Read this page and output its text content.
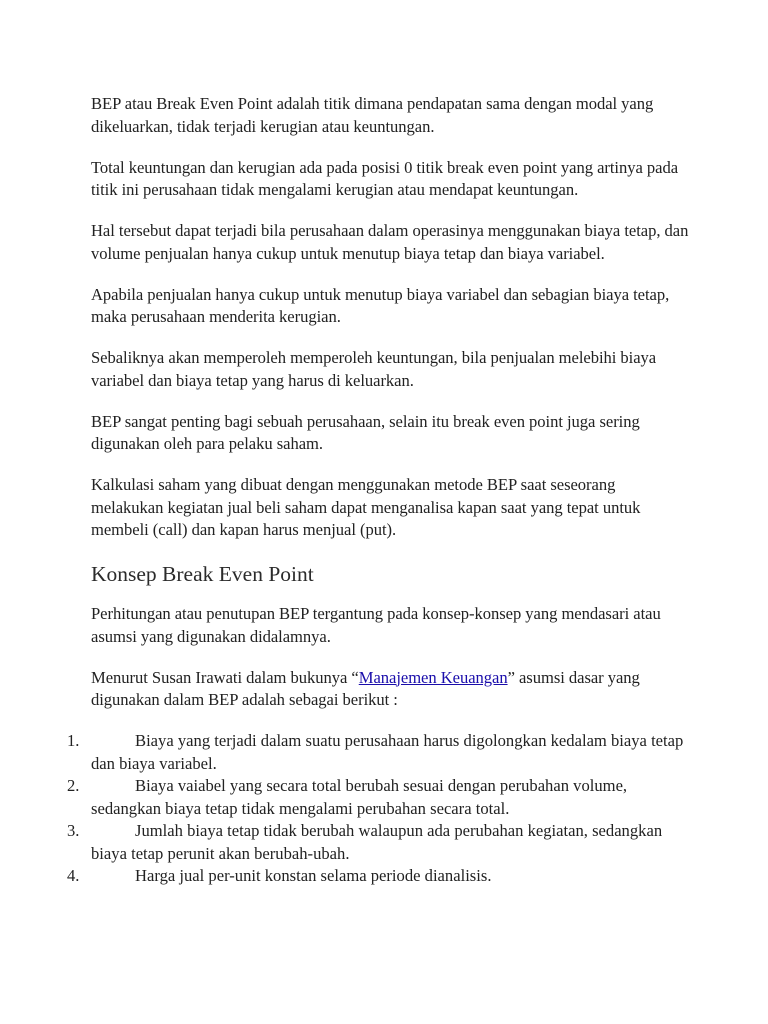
BEP atau Break Even Point adalah titik dimana pendapatan sama dengan modal yang dikeluarkan, tidak terjadi kerugian atau keuntungan.

Total keuntungan dan kerugian ada pada posisi 0 titik break even point yang artinya pada titik ini perusahaan tidak mengalami kerugian atau mendapat keuntungan.

Hal tersebut dapat terjadi bila perusahaan dalam operasinya menggunakan biaya tetap, dan volume penjualan hanya cukup untuk menutup biaya tetap dan biaya variabel.

Apabila penjualan hanya cukup untuk menutup biaya variabel dan sebagian biaya tetap, maka perusahaan menderita kerugian.

Sebaliknya akan memperoleh memperoleh keuntungan, bila penjualan melebihi biaya variabel dan biaya tetap yang harus di keluarkan.

BEP sangat penting bagi sebuah perusahaan, selain itu break even point juga sering digunakan oleh para pelaku saham.

Kalkulasi saham yang dibuat dengan menggunakan metode BEP saat seseorang melakukan kegiatan jual beli saham dapat menganalisa kapan saat yang tepat untuk membeli (call) dan kapan harus menjual (put).

Konsep Break Even Point

Perhitungan atau penutupan BEP tergantung pada konsep-konsep yang mendasari atau asumsi yang digunakan didalamnya.

Menurut Susan Irawati dalam bukunya “Manajemen Keuangan” asumsi dasar yang digunakan dalam BEP adalah sebagai berikut :

1.	Biaya yang terjadi dalam suatu perusahaan harus digolongkan kedalam biaya tetap dan biaya variabel.
2.	Biaya vaiabel yang secara total berubah sesuai dengan perubahan volume, sedangkan biaya tetap tidak mengalami perubahan secara total.
3.	Jumlah biaya tetap tidak berubah walaupun ada perubahan kegiatan, sedangkan biaya tetap perunit akan berubah-ubah.
4.	Harga jual per-unit konstan selama periode dianalisis.
